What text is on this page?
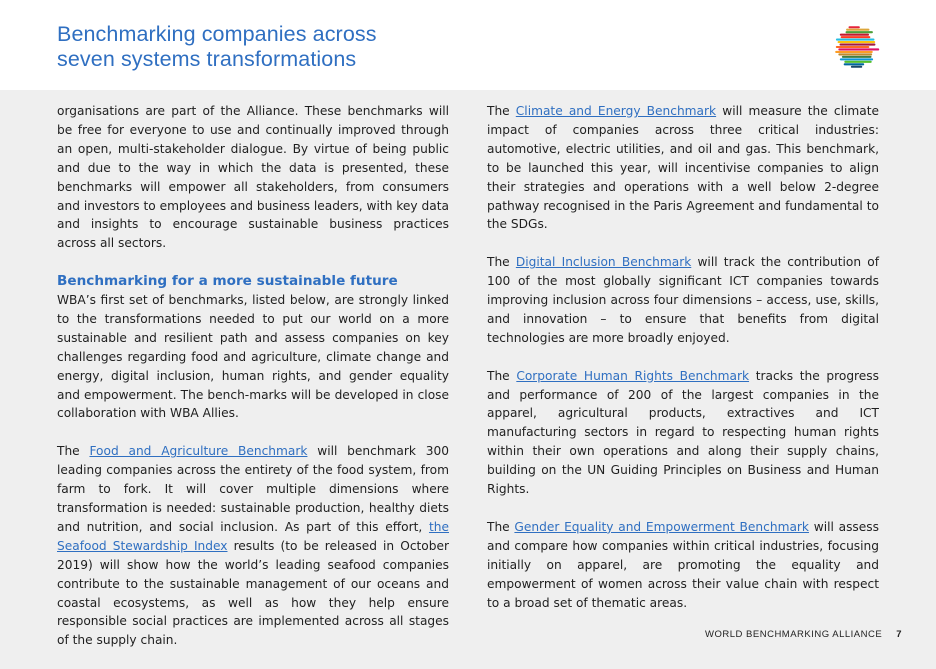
Benchmarking companies across
seven systems transformations

organisations are part of the Alliance. These benchmarks will be free for everyone to use and continually improved through an open, multi-stakeholder dialogue. By virtue of being public and due to the way in which the data is presented, these benchmarks will empower all stakeholders, from consumers and investors to employees and business leaders, with key data and insights to encourage sustainable business practices across all sectors.

Benchmarking for a more sustainable future

WBA’s first set of benchmarks, listed below, are strongly linked to the transformations needed to put our world on a more sustainable and resilient path and assess companies on key challenges regarding food and agriculture, climate change and energy, digital inclusion, human rights, and gender equality and empowerment. The bench-marks will be developed in close collaboration with WBA Allies.

The Food and Agriculture Benchmark will benchmark 300 leading companies across the entirety of the food system, from farm to fork. It will cover multiple dimensions where transformation is needed: sustainable production, healthy diets and nutrition, and social inclusion. As part of this effort, the Seafood Stewardship Index results (to be released in October 2019) will show how the world’s leading seafood companies contribute to the sustainable management of our oceans and coastal ecosystems, as well as how they help ensure responsible social practices are implemented across all stages of the supply chain.

The Climate and Energy Benchmark will measure the climate impact of companies across three critical industries: automotive, electric utilities, and oil and gas. This benchmark, to be launched this year, will incentivise companies to align their strategies and operations with a well below 2-degree pathway recognised in the Paris Agreement and fundamental to the SDGs.

The Digital Inclusion Benchmark will track the contribution of 100 of the most globally significant ICT companies towards improving inclusion across four dimensions – access, use, skills, and innovation – to ensure that benefits from digital technologies are more broadly enjoyed.

The Corporate Human Rights Benchmark tracks the progress and performance of 200 of the largest companies in the apparel, agricultural products, extractives and ICT manufacturing sectors in regard to respecting human rights within their own operations and along their supply chains, building on the UN Guiding Principles on Business and Human Rights.

The Gender Equality and Empowerment Benchmark will assess and compare how companies within critical industries, focusing initially on apparel, are promoting the equality and empowerment of women across their value chain with respect to a broad set of thematic areas.

WORLD BENCHMARKING ALLIANCE 7
